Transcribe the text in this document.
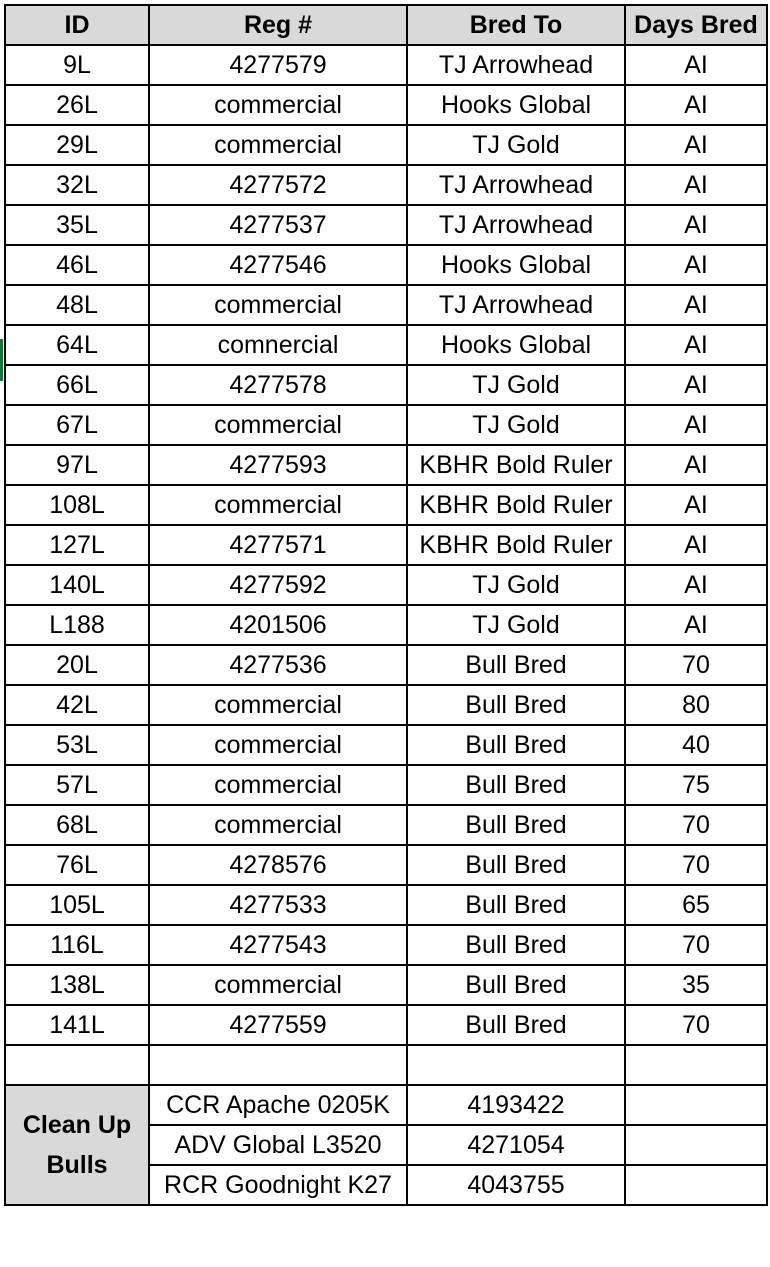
ID	Reg #	Bred To	Days Bred
9L	4277579	TJ Arrowhead	AI
26L	commercial	Hooks Global	AI
29L	commercial	TJ Gold	AI
32L	4277572	TJ Arrowhead	AI
35L	4277537	TJ Arrowhead	AI
46L	4277546	Hooks Global	AI
48L	commercial	TJ Arrowhead	AI
64L	comnercial	Hooks Global	AI
66L	4277578	TJ Gold	AI
67L	commercial	TJ Gold	AI
97L	4277593	KBHR Bold Ruler	AI
108L	commercial	KBHR Bold Ruler	AI
127L	4277571	KBHR Bold Ruler	AI
140L	4277592	TJ Gold	AI
L188	4201506	TJ Gold	AI
20L	4277536	Bull Bred	70
42L	commercial	Bull Bred	80
53L	commercial	Bull Bred	40
57L	commercial	Bull Bred	75
68L	commercial	Bull Bred	70
76L	4278576	Bull Bred	70
105L	4277533	Bull Bred	65
116L	4277543	Bull Bred	70
138L	commercial	Bull Bred	35
141L	4277559	Bull Bred	70

Clean Up Bulls	CCR Apache 0205K	4193422	
	ADV Global L3520	4271054	
	RCR Goodnight K27	4043755	
